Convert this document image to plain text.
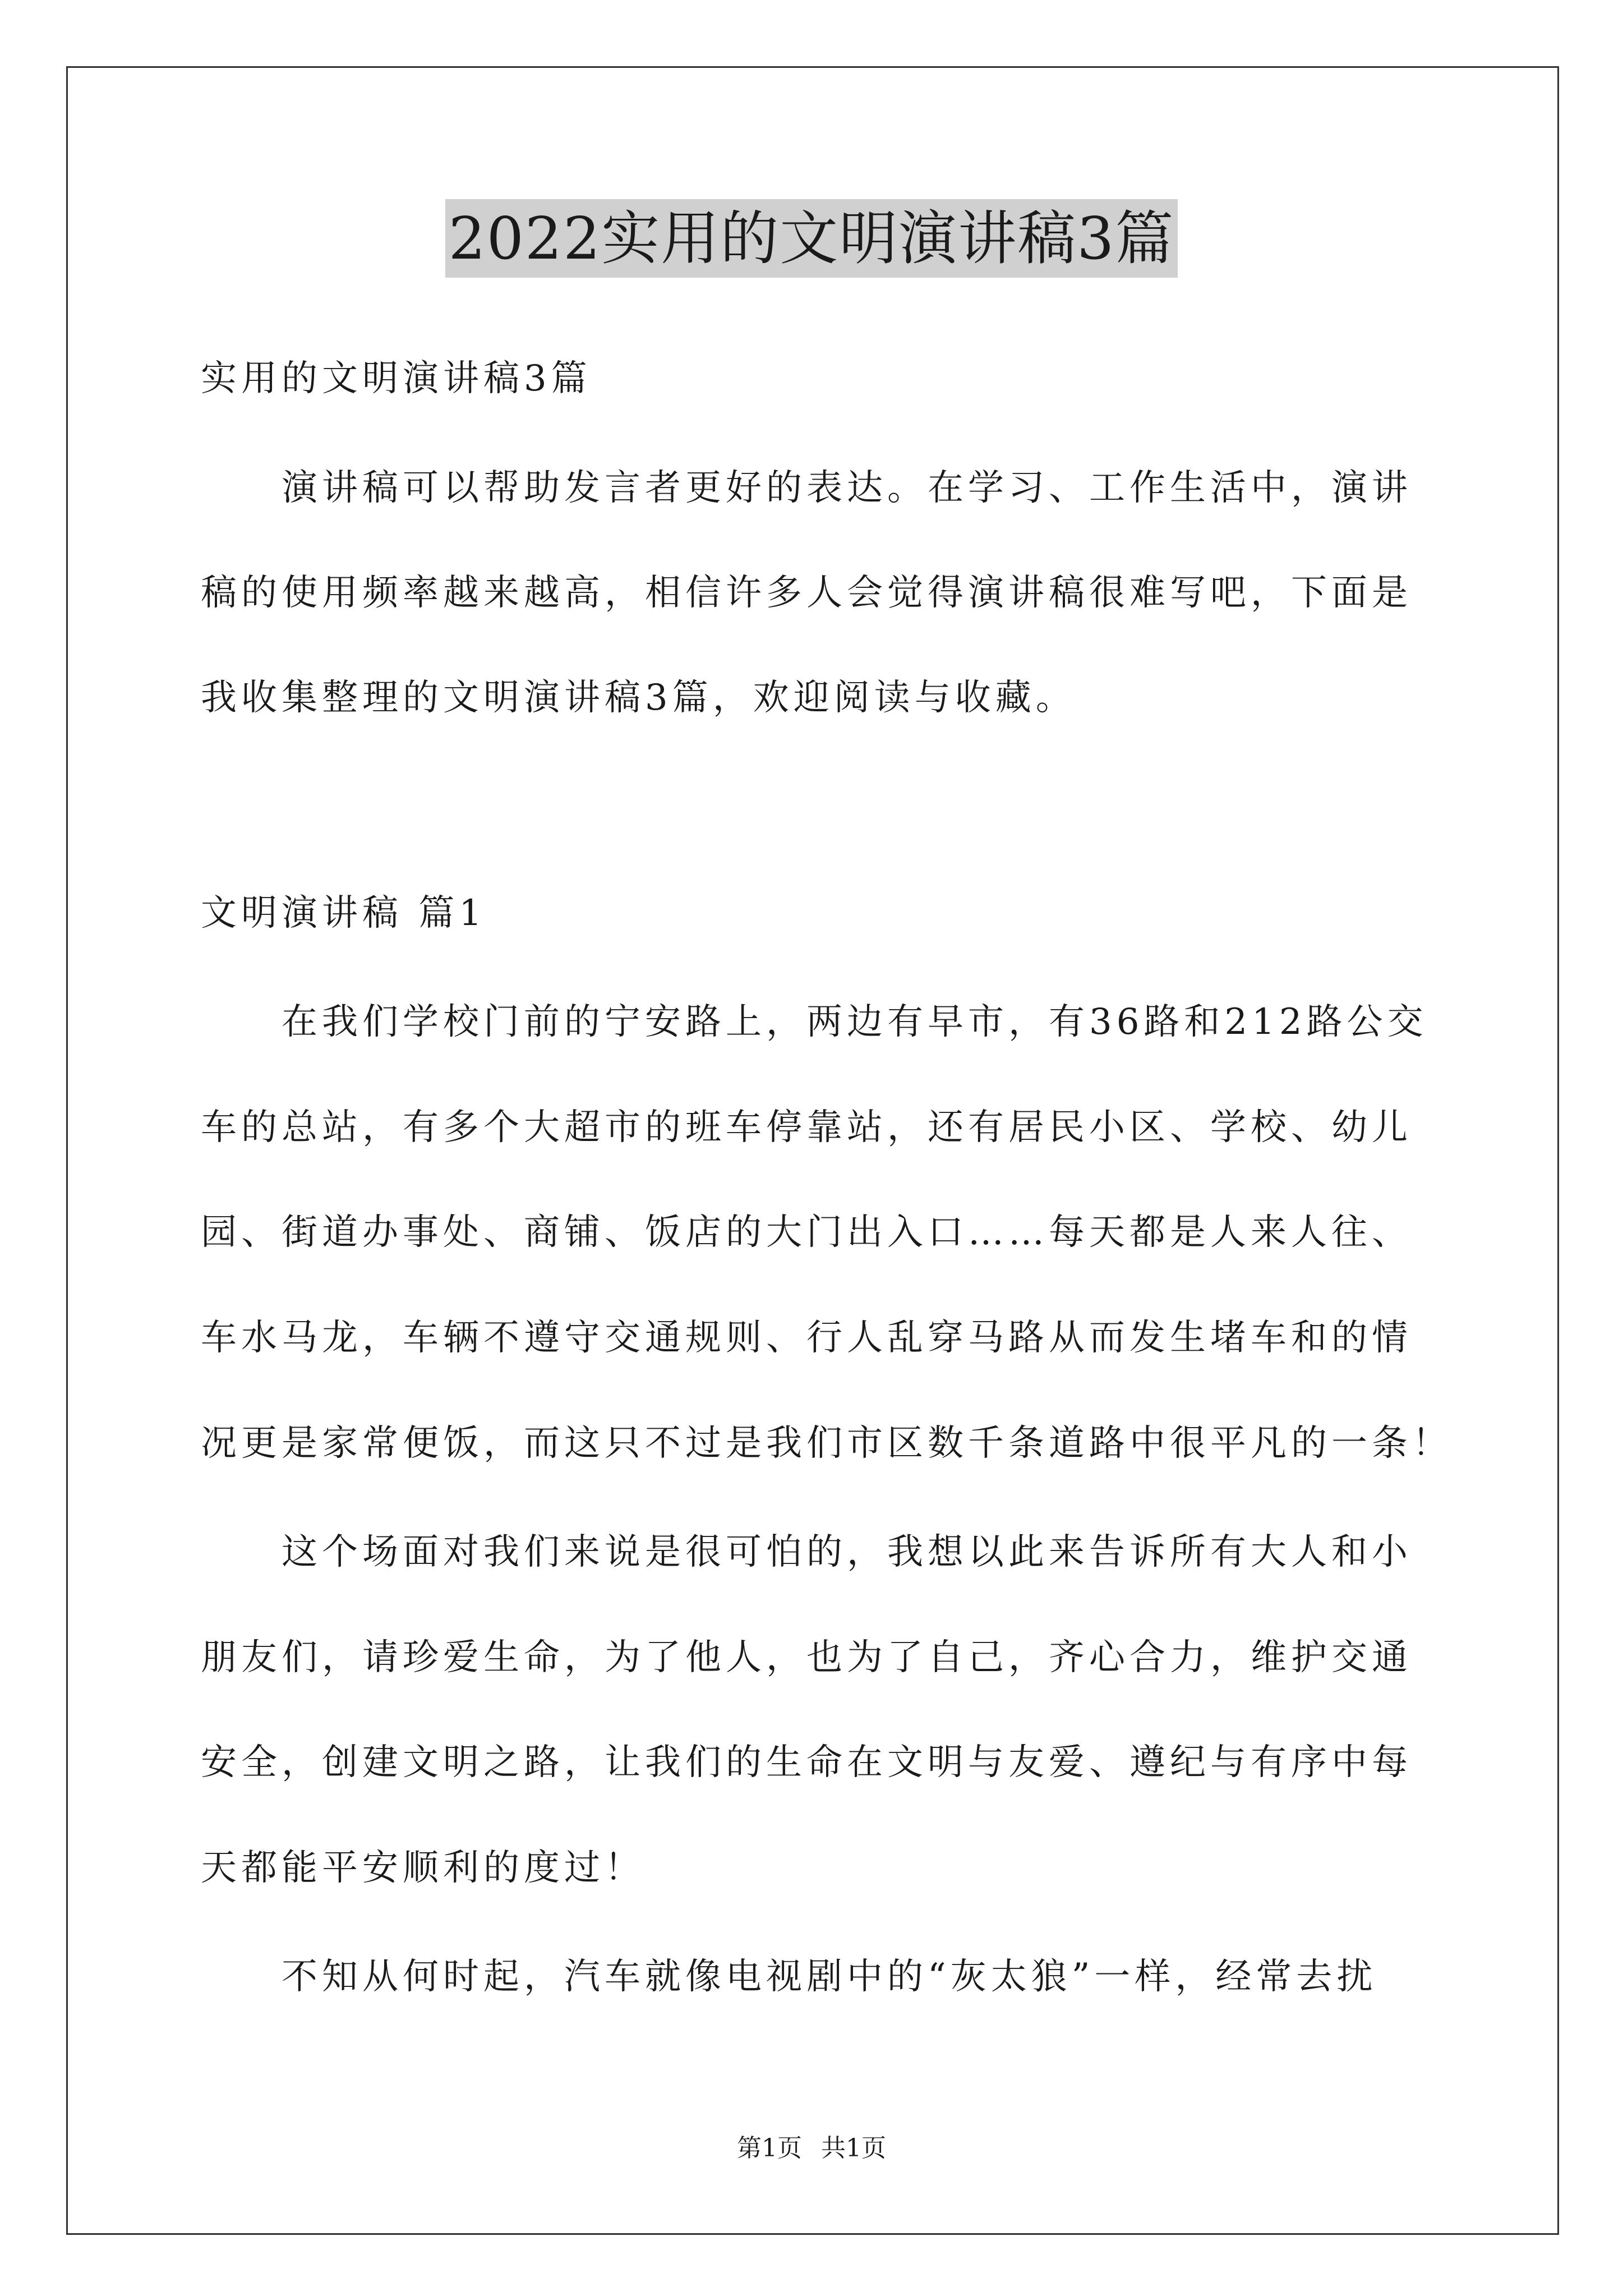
2022实用的文明演讲稿3篇
实用的文明演讲稿3篇
　　演讲稿可以帮助发言者更好的表达。在学习、工作生活中，演讲
稿的使用频率越来越高，相信许多人会觉得演讲稿很难写吧，下面是
我收集整理的文明演讲稿3篇，欢迎阅读与收藏。
文明演讲稿 篇1
　　在我们学校门前的宁安路上，两边有早市，有36路和212路公交
车的总站，有多个大超市的班车停靠站，还有居民小区、学校、幼儿
园、街道办事处、商铺、饭店的大门出入口……每天都是人来人往、
车水马龙，车辆不遵守交通规则、行人乱穿马路从而发生堵车和的情
况更是家常便饭，而这只不过是我们市区数千条道路中很平凡的一条！
　　这个场面对我们来说是很可怕的，我想以此来告诉所有大人和小
朋友们，请珍爱生命，为了他人，也为了自己，齐心合力，维护交通
安全，创建文明之路，让我们的生命在文明与友爱、遵纪与有序中每
天都能平安顺利的度过！
　　不知从何时起，汽车就像电视剧中的“灰太狼”一样，经常去扰
第1页 共1页
